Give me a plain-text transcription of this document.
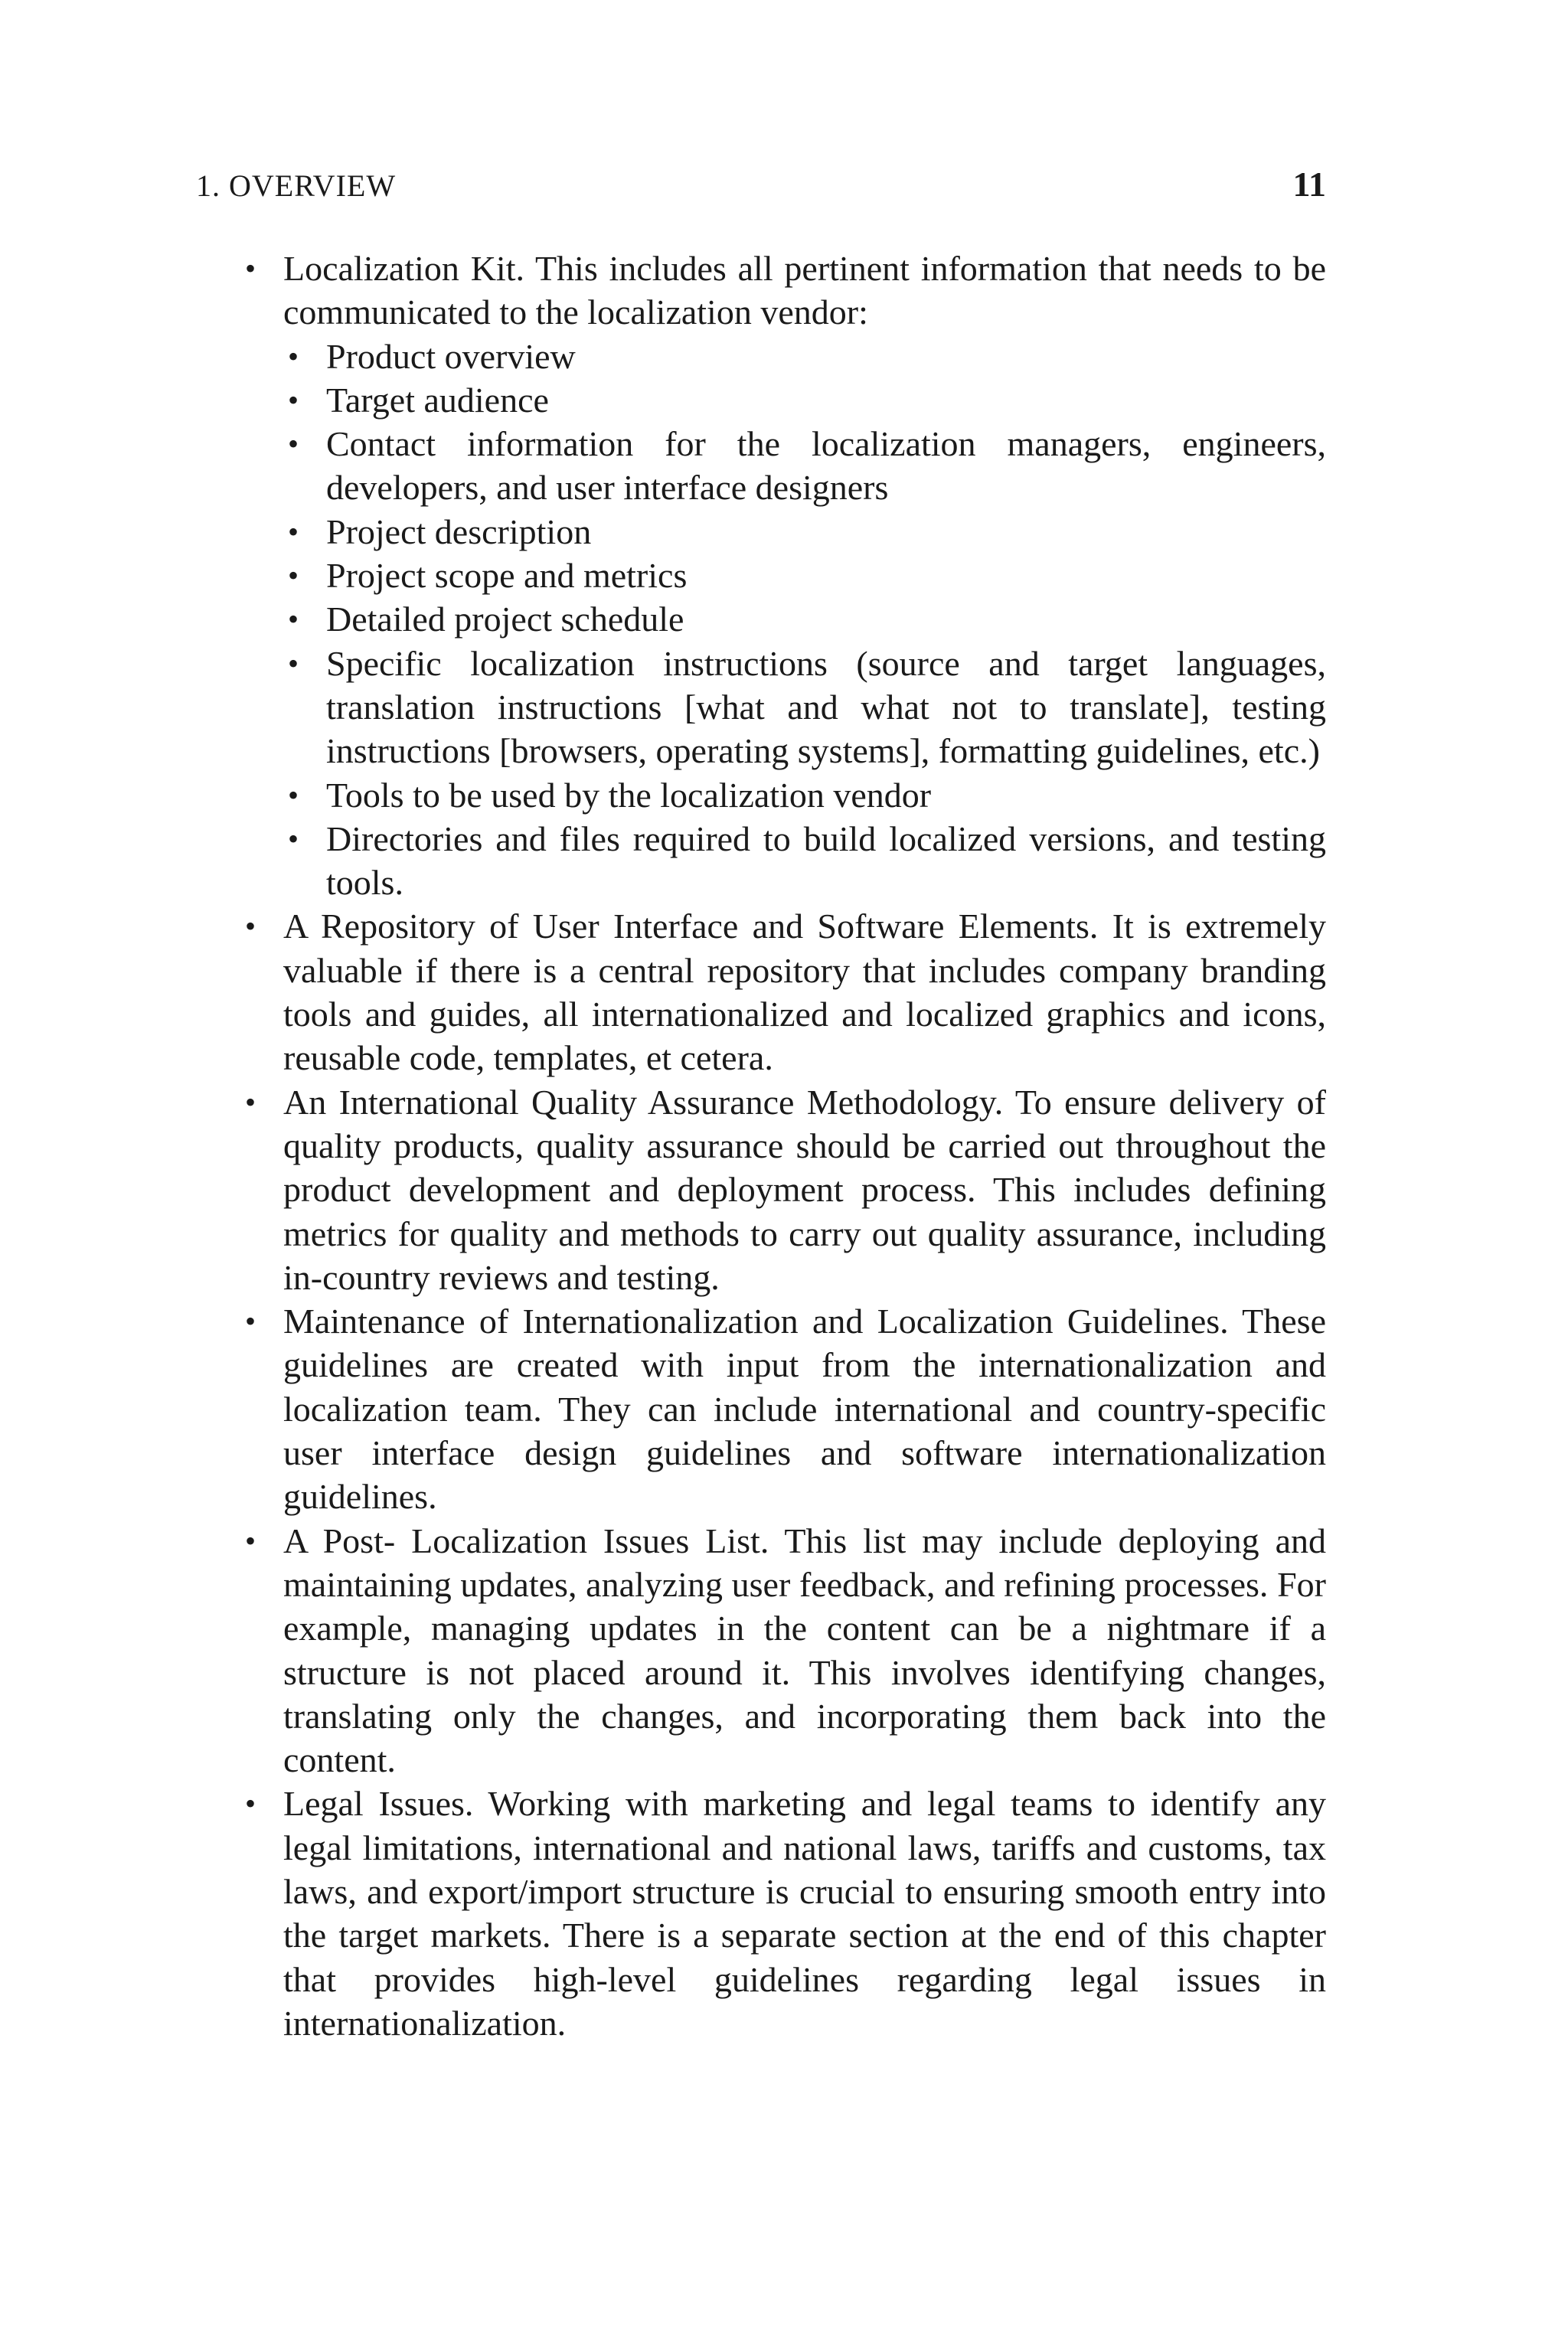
1. OVERVIEW	11
• Localization Kit. This includes all pertinent information that needs to be communicated to the localization vendor:
• Product overview
• Target audience
• Contact information for the localization managers, engineers, developers, and user interface designers
• Project description
• Project scope and metrics
• Detailed project schedule
• Specific localization instructions (source and target languages, translation instructions [what and what not to translate], testing instructions [browsers, operating systems], formatting guidelines, etc.)
• Tools to be used by the localization vendor
• Directories and files required to build localized versions, and testing tools.
• A Repository of User Interface and Software Elements. It is extremely valuable if there is a central repository that includes company branding tools and guides, all internationalized and localized graphics and icons, reusable code, templates, et cetera.
• An International Quality Assurance Methodology. To ensure delivery of quality products, quality assurance should be carried out throughout the product development and deployment process. This includes defining metrics for quality and methods to carry out quality assurance, including in-country reviews and testing.
• Maintenance of Internationalization and Localization Guidelines. These guidelines are created with input from the internationalization and localization team. They can include international and country-specific user interface design guidelines and software internationalization guidelines.
• A Post- Localization Issues List. This list may include deploying and maintaining updates, analyzing user feedback, and refining processes. For example, managing updates in the content can be a nightmare if a structure is not placed around it. This involves identifying changes, translating only the changes, and incorporating them back into the content.
• Legal Issues. Working with marketing and legal teams to identify any legal limitations, international and national laws, tariffs and customs, tax laws, and export/import structure is crucial to ensuring smooth entry into the target markets. There is a separate section at the end of this chapter that provides high-level guidelines regarding legal issues in internationalization.
